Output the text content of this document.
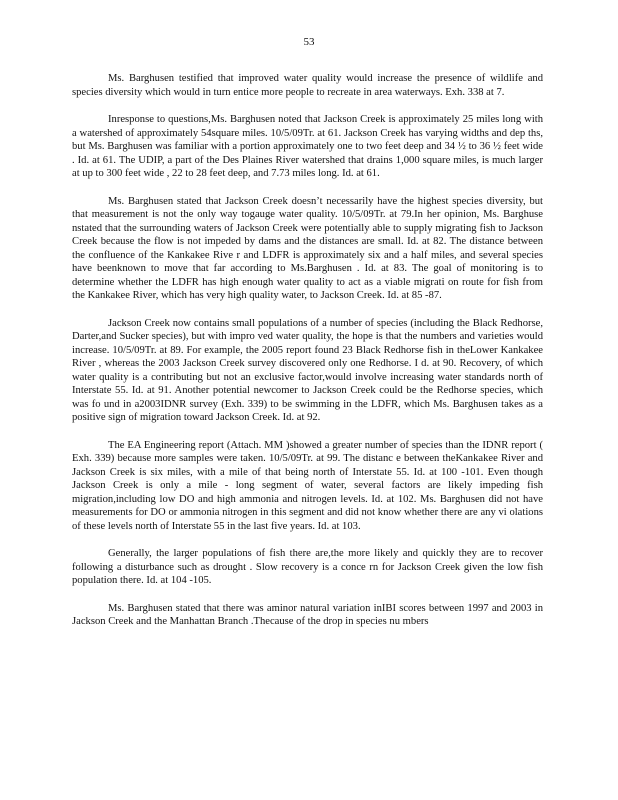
53

Ms. Barghusen testified that improved water quality would increase the presence of wildlife and species diversity which would in turn entice more people to recreate in area waterways. Exh. 338 at 7.

Inresponse to questions,Ms. Barghusen noted that Jackson Creek is approximately 25 miles long with a watershed of approximately 54square miles. 10/5/09Tr. at 61. Jackson Creek has varying widths and dep ths, but Ms. Barghusen was familiar with a portion approximately one to two feet deep and 34 ½ to 36 ½ feet wide . Id. at 61. The UDIP, a part of the Des Plaines River watershed that drains 1,000 square miles, is much larger at up to 300 feet wide , 22 to 28 feet deep, and 7.73 miles long. Id. at 61.

Ms. Barghusen stated that Jackson Creek doesn’t necessarily have the highest species diversity, but that measurement is not the only way togauge water quality. 10/5/09Tr. at 79.In her opinion, Ms. Barghuse nstated that the surrounding waters of Jackson Creek were potentially able to supply migrating fish to Jackson Creek because the flow is not impeded by dams and the distances are small. Id. at 82. The distance between the confluence of the Kankakee Rive r and LDFR is approximately six and a half miles, and several species have beenknown to move that far according to Ms.Barghusen . Id. at 83. The goal of monitoring is to determine whether the LDFR has high enough water quality to act as a viable migrati on route for fish from the Kankakee River, which has very high quality water, to Jackson Creek. Id. at 85 -87.

Jackson Creek now contains small populations of a number of species (including the Black Redhorse, Darter,and Sucker species), but with impro ved water quality, the hope is that the numbers and varieties would increase. 10/5/09Tr. at 89. For example, the 2005 report found 23 Black Redhorse fish in theLower Kankakee River , whereas the 2003 Jackson Creek survey discovered only one Redhorse. I d. at 90. Recovery, of which water quality is a contributing but not an exclusive factor,would involve increasing water standards north of Interstate 55. Id. at 91. Another potential newcomer to Jackson Creek could be the Redhorse species, which was fo und in a2003IDNR survey (Exh. 339) to be swimming in the LDFR, which Ms. Barghusen takes as a positive sign of migration toward Jackson Creek. Id. at 92.

The EA Engineering report (Attach. MM )showed a greater number of species than the IDNR report ( Exh. 339) because more samples were taken. 10/5/09Tr. at 99. The distanc e between theKankakee River and Jackson Creek is six miles, with a mile of that being north of Interstate 55. Id. at 100 -101. Even though Jackson Creek is only a mile - long segment of water, several factors are likely impeding fish migration,including low DO and high ammonia and nitrogen levels. Id. at 102. Ms. Barghusen did not have measurements for DO or ammonia nitrogen in this segment and did not know whether there are any vi olations of these levels north of Interstate 55 in the last five years. Id. at 103.

Generally, the larger populations of fish there are,the more likely and quickly they are to recover following a disturbance such as drought . Slow recovery is a conce rn for Jackson Creek given the low fish population there. Id. at 104 -105.

Ms. Barghusen stated that there was aminor natural variation inIBI scores between 1997 and 2003 in Jackson Creek and the Manhattan Branch .Thecause of the drop in species nu mbers
